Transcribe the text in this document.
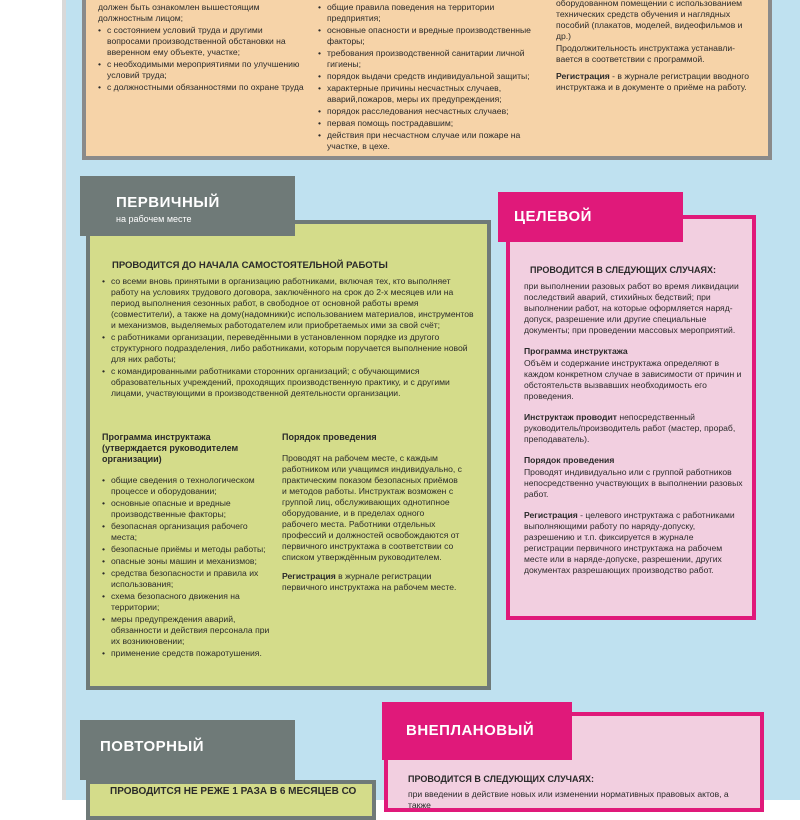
должен быть ознакомлен вышестоящим должностным лицом;

• с состоянием условий труда и другими вопросами производственной обстановки на вверенном ему объекте, участке;
• с необходимыми мероприятиями по улучшению условий труда;
• с должностными обязанностями по охране труда
• общие правила поведения на территории предприятия;
• основные опасности и вредные производственные факторы;
• требования производственной санитарии личной гигиены;
• порядок выдачи средств индивидуальной защиты;
• характерные причины несчастных случаев, аварий,пожаров, меры их предупреждения;
• порядок расследования несчастных случаев;
• первая помощь пострадавшим;
• действия при несчастном случае или пожаре на участке, в цехе.

оборудованном помещении с использованием технических средств обучения и наглядных пособий (плакатов, моделей, видеофильмов и др.)

Продолжительность инструктажа устанавли-вается в соответствии с программой.

Регистрация - в журнале регистрации вводного инструктажа и в документе о приёме на работу.

ПРОВОДИТСЯ ДО НАЧАЛА САМОСТОЯТЕЛЬНОЙ РАБОТЫ
• со всеми вновь принятыми в организацию работниками, включая тех, кто выполняет работу на условиях трудового договора, заключённого на срок до 2-х месяцев или на период выполнения сезонных работ, в свободное от основной работы время (совместители), а также на дому(надомники)с использованием материалов, инструментов и механизмов, выделяемых работодателем или приобретаемых ими за свой счёт;
• с работниками организации, переведёнными в установленном порядке из другого структурного подразделения, либо работниками, которым поручается выполнение новой для них работы;
• с командированными работниками сторонних организаций; с обучающимися образовательных учреждений, проходящих производственную практику, и с другими лицами, участвующими в производственной деятельности организации.

Программа инструктажа (утверждается руководителем организации)

• общие сведения о технологическом процессе и оборудовании;
• основные опасные и вредные производственные факторы;
• безопасная организация рабочего места;
• безопасные приёмы и методы работы;
• опасные зоны машин и механизмов;
• средства безопасности и правила их использования;
• схема безопасного движения на территории;
• меры предупреждения аварий, обязанности и действия персонала при их возникновении;
• применение средств пожаротушения.

Порядок проведения

Проводят на рабочем месте, с каждым работником или учащимся индивидуально, с практическим показом безопасных приёмов и методов работы. Инструктаж возможен с группой лиц, обслуживающих однотипное оборудование, и в пределах одного рабочего места. Работники отдельных профессий и должностей освобождаются от первичного инструктажа в соответствии со списком утверждённым руководителем.

Регистрация в журнале регистрации первичного инструктажа на рабочем месте.

ПЕРВИЧНЫЙ
на рабочем месте
ПРОВОДИТСЯ В СЛЕДУЮЩИХ СЛУЧАЯХ:

при выполнении разовых работ во время ликвидации последствий аварий, стихийных бедствий; при выполнении работ, на которые оформляется наряд-допуск, разрешение или другие специальные документы; при проведении массовых мероприятий.

Программа инструктажа

Объём и содержание инструктажа определяют в каждом конкретном случае в зависимости от причин и обстоятельств вызвавших необходимость его проведения.

Инструктаж проводит непосредственный руководитель/производитель работ (мастер, прораб, преподаватель).

Порядок проведения

Проводят индивидуально или с группой работников непосредственно участвующих в выполнении разовых работ.

Регистрация - целевого инструктажа с работниками выполняющими работу по наряду-допуску, разрешению и т.п. фиксируется в журнале регистрации первичного инструктажа на рабочем месте или в наряде-допуске, разрешении, других документах разрешающих производство работ.

ЦЕЛЕВОЙ
ПРОВОДИТСЯ НЕ РЕЖЕ 1 РАЗА В 6 МЕСЯЦЕВ СО
ПОВТОРНЫЙ
ПРОВОДИТСЯ В СЛЕДУЮЩИХ СЛУЧАЯХ:

при введении в действие новых или изменении нормативных правовых актов, а также

ВНЕПЛАНОВЫЙ
